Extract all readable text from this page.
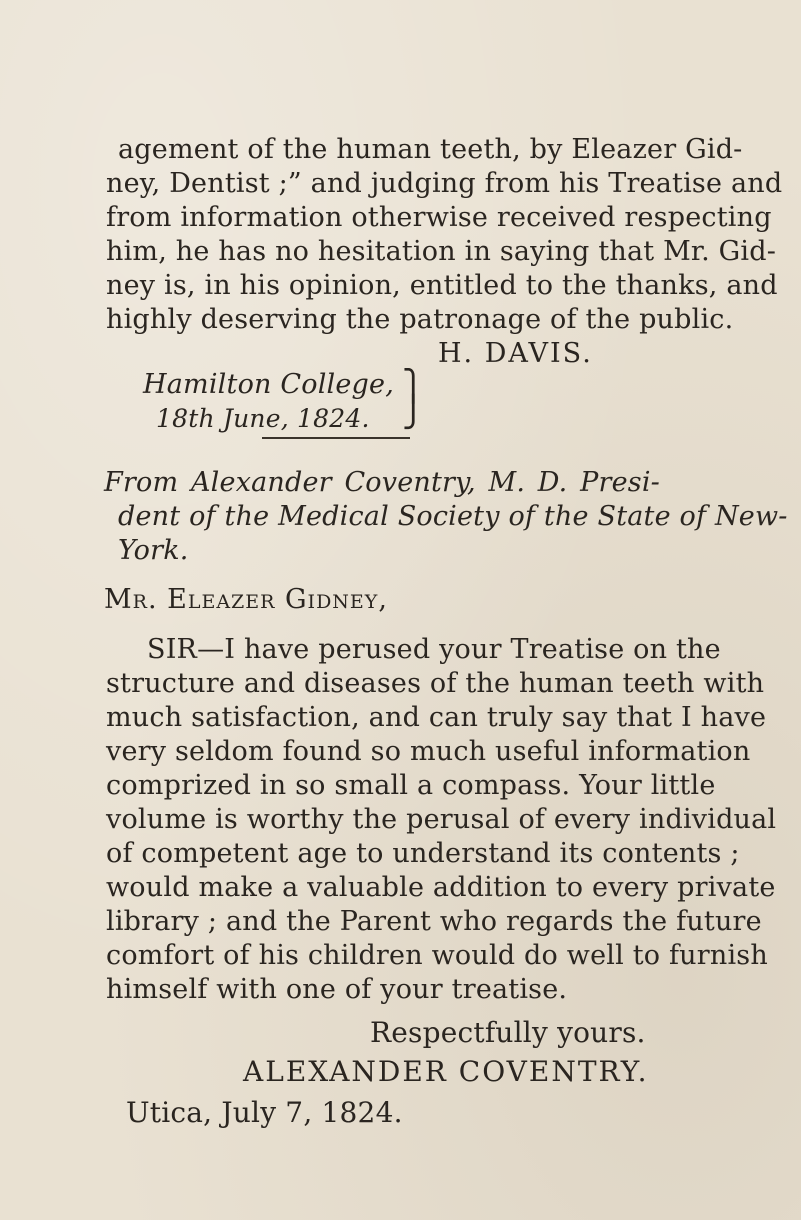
agement of the human teeth, by Eleazer Gid-
ney, Dentist ;” and judging from his Treatise and
from information otherwise received respecting
him, he has no hesitation in saying that Mr. Gid-
ney is, in his opinion, entitled to the thanks, and
highly deserving the patronage of the public.
H. DAVIS.
Hamilton College,
18th June, 1824.
⎫
⎭
From Alexander Coventry, M. D. Presi-
dent of the Medical Society of the State of New-
York.
Mr. Eleazer Gidney,
SIR—I have perused your Treatise on the
structure and diseases of the human teeth with
much satisfaction, and can truly say that I have
very seldom found so much useful information
comprized in so small a compass. Your little
volume is worthy the perusal of every individual
of competent age to understand its contents ;
would make a valuable addition to every private
library ; and the Parent who regards the future
comfort of his children would do well to furnish
himself with one of your treatise.
Respectfully yours.
ALEXANDER COVENTRY.
Utica, July 7, 1824.
